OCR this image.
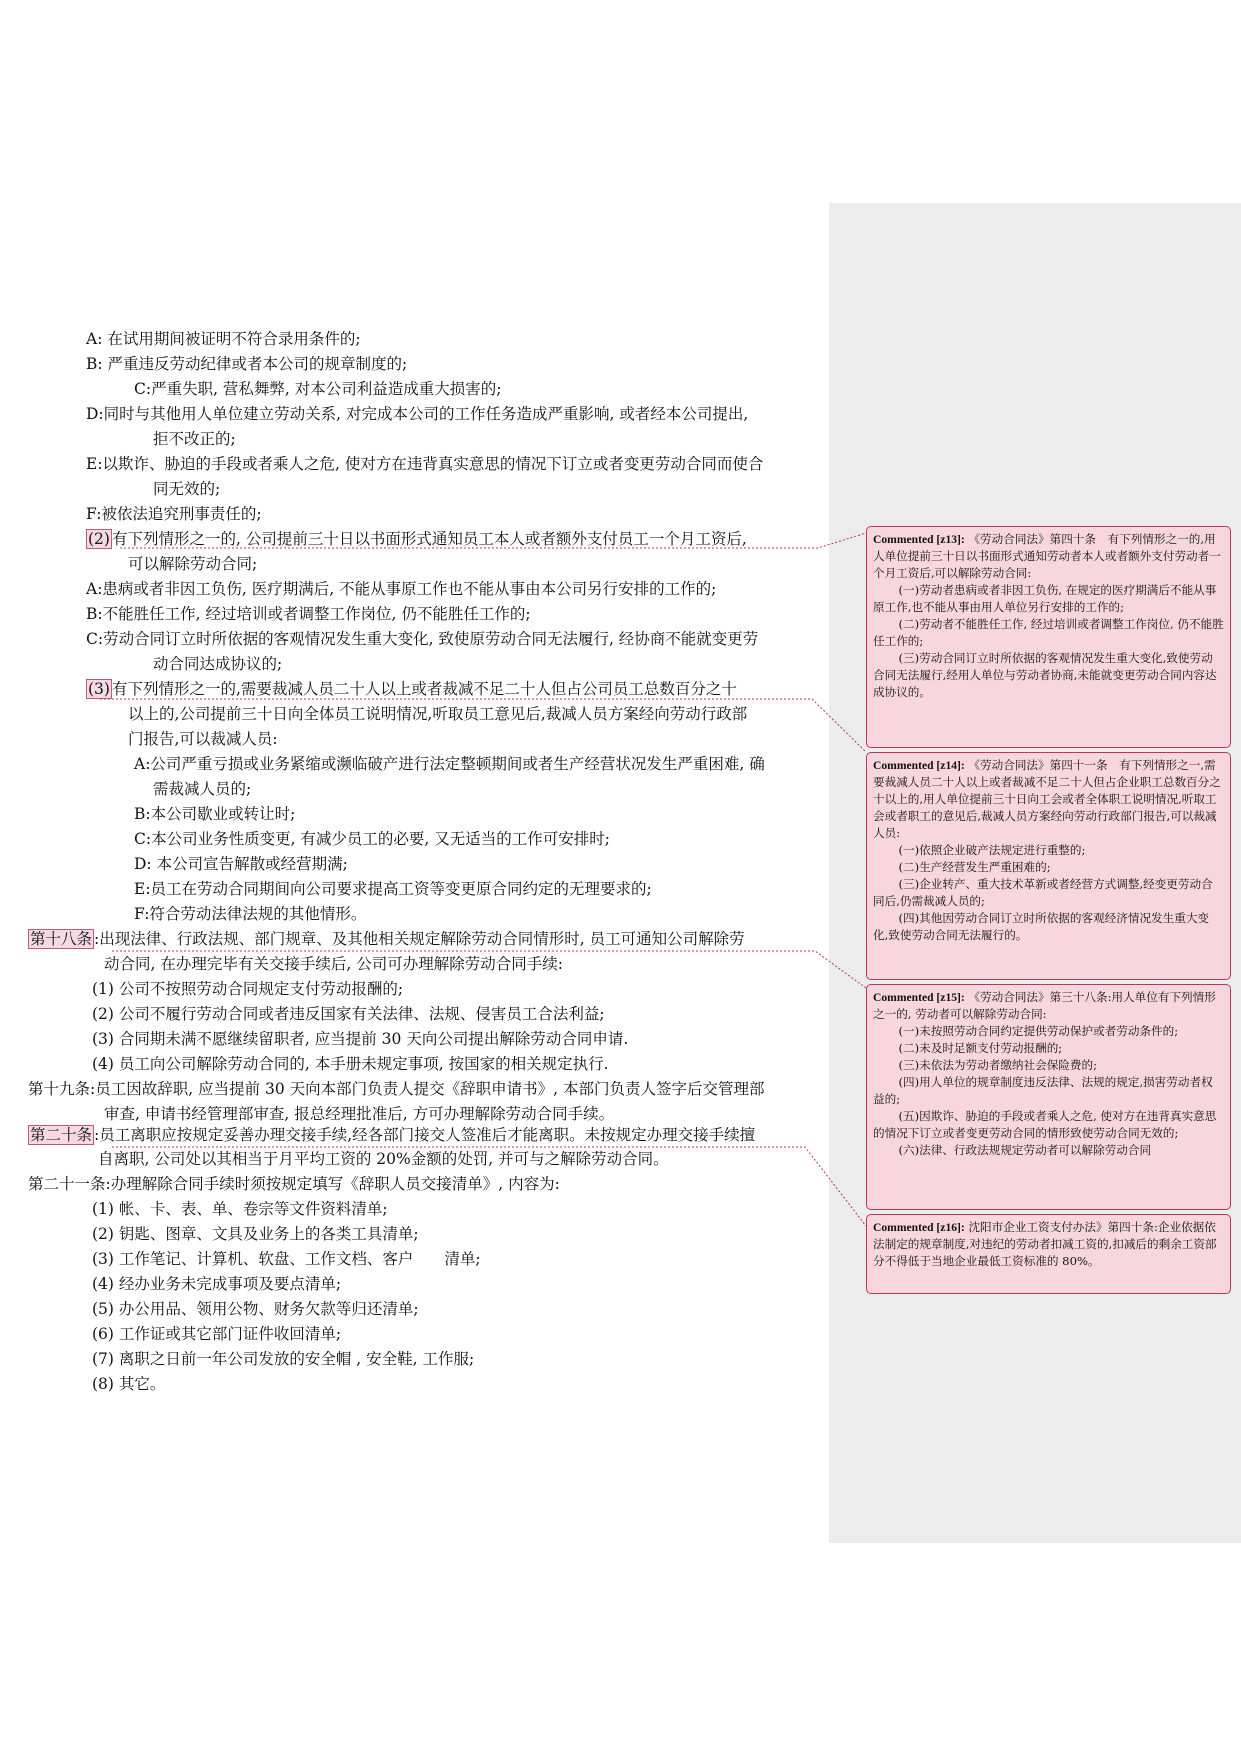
A: 在试用期间被证明不符合录用条件的;
B: 严重违反劳动纪律或者本公司的规章制度的;
C:严重失职, 营私舞弊, 对本公司利益造成重大损害的;
D:同时与其他用人单位建立劳动关系, 对完成本公司的工作任务造成严重影响, 或者经本公司提出,
拒不改正的;
E:以欺诈、胁迫的手段或者乘人之危, 使对方在违背真实意思的情况下订立或者变更劳动合同而使合
同无效的;
F:被依法追究刑事责任的;
(2) 有下列情形之一的, 公司提前三十日以书面形式通知员工本人或者额外支付员工一个月工资后,
可以解除劳动合同;
A:患病或者非因工负伤, 医疗期满后, 不能从事原工作也不能从事由本公司另行安排的工作的;
B:不能胜任工作, 经过培训或者调整工作岗位, 仍不能胜任工作的;
C:劳动合同订立时所依据的客观情况发生重大变化, 致使原劳动合同无法履行, 经协商不能就变更劳
动合同达成协议的;
(3) 有下列情形之一的,需要裁减人员二十人以上或者裁减不足二十人但占公司员工总数百分之十
以上的,公司提前三十日向全体员工说明情况,听取员工意见后,裁减人员方案经向劳动行政部
门报告,可以裁减人员:
A:公司严重亏损或业务紧缩或濒临破产进行法定整顿期间或者生产经营状况发生严重困难, 确
需裁减人员的;
B:本公司歇业或转让时;
C:本公司业务性质变更, 有减少员工的必要, 又无适当的工作可安排时;
D: 本公司宣告解散或经营期满;
E:员工在劳动合同期间向公司要求提高工资等变更原合同约定的无理要求的;
F:符合劳动法律法规的其他情形。
第十八条 :出现法律、行政法规、部门规章、及其他相关规定解除劳动合同情形时, 员工可通知公司解除劳
动合同, 在办理完毕有关交接手续后, 公司可办理解除劳动合同手续:
(1) 公司不按照劳动合同规定支付劳动报酬的;
(2) 公司不履行劳动合同或者违反国家有关法律、法规、侵害员工合法利益;
(3) 合同期未满不愿继续留职者, 应当提前 30 天向公司提出解除劳动合同申请.
(4) 员工向公司解除劳动合同的, 本手册未规定事项, 按国家的相关规定执行.
第十九条:员工因故辞职, 应当提前 30 天向本部门负责人提交《辞职申请书》, 本部门负责人签字后交管理部
审查, 申请书经管理部审查, 报总经理批准后, 方可办理解除劳动合同手续。
第二十条 :员工离职应按规定妥善办理交接手续,经各部门接交人签准后才能离职。未按规定办理交接手续擅
自离职, 公司处以其相当于月平均工资的 20%金额的处罚, 并可与之解除劳动合同。
第二十一条:办理解除合同手续时须按规定填写《辞职人员交接清单》, 内容为:
(1) 帐、卡、表、单、卷宗等文件资料清单;
(2) 钥匙、图章、文具及业务上的各类工具清单;
(3) 工作笔记、计算机、软盘、工作文档、客户　　清单;
(4) 经办业务未完成事项及要点清单;
(5) 办公用品、领用公物、财务欠款等归还清单;
(6) 工作证或其它部门证件收回清单;
(7) 离职之日前一年公司发放的安全帽 , 安全鞋, 工作服;
(8) 其它。

Commented [z13]: 《劳动合同法》第四十条　有下列情形之一的,用人单位提前三十日以书面形式通知劳动者本人或者额外支付劳动者一个月工资后,可以解除劳动合同:

(一)劳动者患病或者非因工负伤, 在规定的医疗期满后不能从事原工作,也不能从事由用人单位另行安排的工作的;

(二)劳动者不能胜任工作, 经过培训或者调整工作岗位, 仍不能胜任工作的;

(三)劳动合同订立时所依据的客观情况发生重大变化,致使劳动合同无法履行,经用人单位与劳动者协商,未能就变更劳动合同内容达成协议的。

Commented [z14]: 《劳动合同法》第四十一条　有下列情形之一,需要裁减人员二十人以上或者裁减不足二十人但占企业职工总数百分之十以上的,用人单位提前三十日向工会或者全体职工说明情况,听取工会或者职工的意见后,裁减人员方案经向劳动行政部门报告,可以裁减人员:

(一)依照企业破产法规定进行重整的;

(二)生产经营发生严重困难的;

(三)企业转产、重大技术革新或者经营方式调整,经变更劳动合同后,仍需裁减人员的;

(四)其他因劳动合同订立时所依据的客观经济情况发生重大变化,致使劳动合同无法履行的。

Commented [z15]: 《劳动合同法》第三十八条:用人单位有下列情形之一的, 劳动者可以解除劳动合同:

(一)未按照劳动合同约定提供劳动保护或者劳动条件的;

(二)未及时足额支付劳动报酬的;

(三)未依法为劳动者缴纳社会保险费的;

(四)用人单位的规章制度违反法律、法规的规定,损害劳动者权益的;

(五)因欺诈、胁迫的手段或者乘人之危, 使对方在违背真实意思的情况下订立或者变更劳动合同的情形致使劳动合同无效的;

(六)法律、行政法规规定劳动者可以解除劳动合同

Commented [z16]: 沈阳市企业工资支付办法》第四十条:企业依据依法制定的规章制度,对违纪的劳动者扣减工资的,扣减后的剩余工资部分不得低于当地企业最低工资标准的 80%。
